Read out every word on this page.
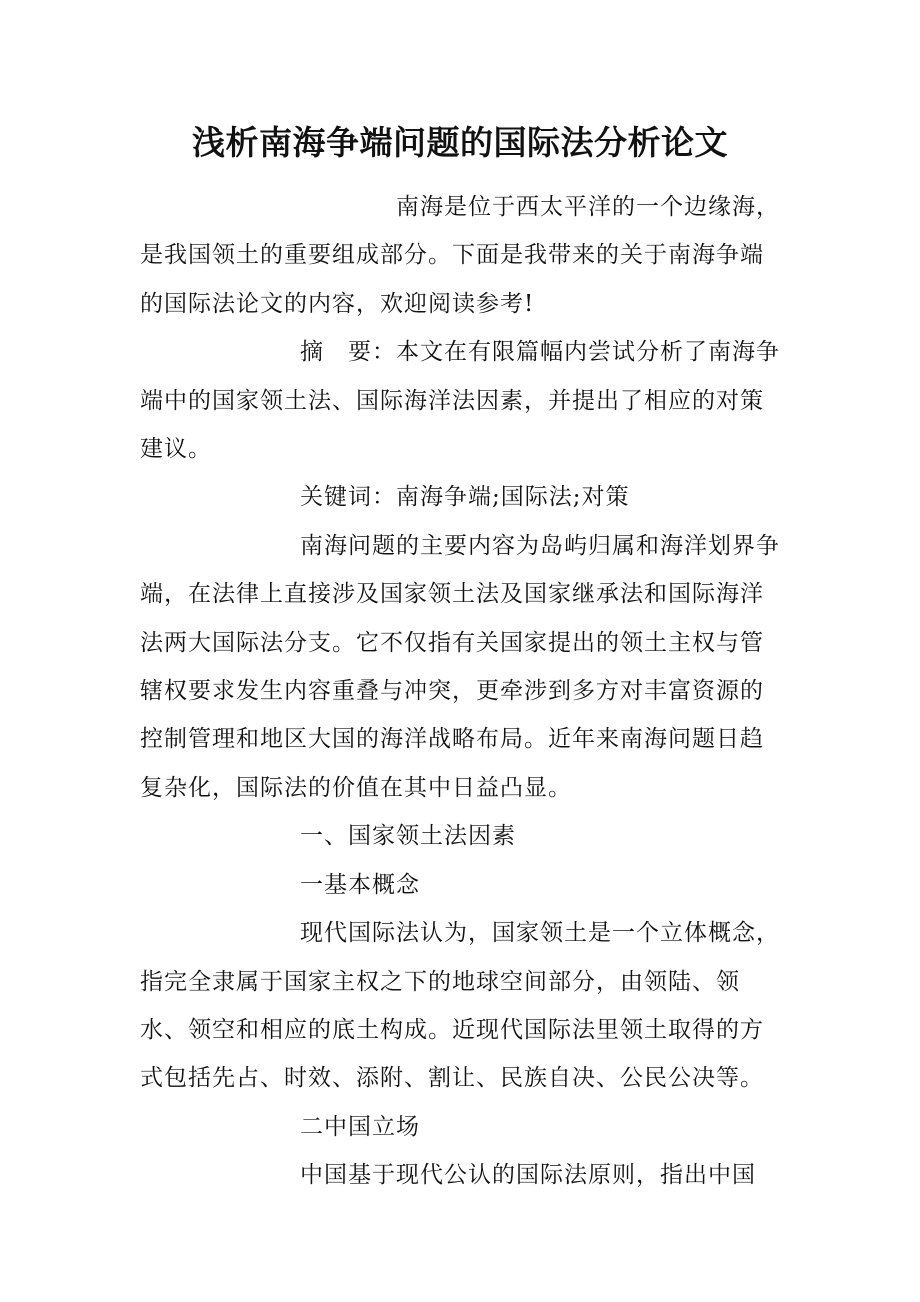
浅析南海争端问题的国际法分析论文

南海是位于西太平洋的一个边缘海，是我国领土的重要组成部分。下面是我带来的关于南海争端的国际法论文的内容，欢迎阅读参考!

摘　要：本文在有限篇幅内尝试分析了南海争端中的国家领土法、国际海洋法因素，并提出了相应的对策建议。

关键词：南海争端;国际法;对策

南海问题的主要内容为岛屿归属和海洋划界争端，在法律上直接涉及国家领土法及国家继承法和国际海洋法两大国际法分支。它不仅指有关国家提出的领土主权与管辖权要求发生内容重叠与冲突，更牵涉到多方对丰富资源的控制管理和地区大国的海洋战略布局。近年来南海问题日趋复杂化，国际法的价值在其中日益凸显。

一、国家领土法因素

一基本概念

现代国际法认为，国家领土是一个立体概念，指完全隶属于国家主权之下的地球空间部分，由领陆、领水、领空和相应的底土构成。近现代国际法里领土取得的方式包括先占、时效、添附、割让、民族自决、公民公决等。

二中国立场

中国基于现代公认的国际法原则，指出中国
